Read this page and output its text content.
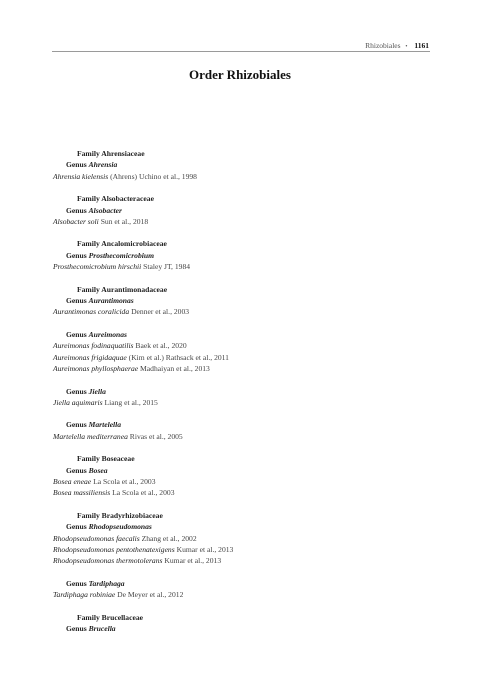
Rhizobiales • 1161
Order Rhizobiales
Family Ahrensiaceae
Genus Ahrensia
Ahrensia kielensis (Ahrens) Uchino et al., 1998
Family Alsobacteraceae
Genus Alsobacter
Alsobacter soli Sun et al., 2018
Family Ancalomicrobiaceae
Genus Prosthecomicrobium
Prosthecomicrobium hirschii Staley JT, 1984
Family Aurantimonadaceae
Genus Aurantimonas
Aurantimonas coralicida Denner et al., 2003
Genus Aureimonas
Aureimonas fodinaquatilis Baek et al., 2020
Aureimonas frigidaquae (Kim et al.) Rathsack et al., 2011
Aureimonas phyllosphaerae Madhaiyan et al., 2013
Genus Jiella
Jiella aquimaris Liang et al., 2015
Genus Martelella
Martelella mediterranea Rivas et al., 2005
Family Boseaceae
Genus Bosea
Bosea eneae La Scola et al., 2003
Bosea massiliensis La Scola et al., 2003
Family Bradyrhizobiaceae
Genus Rhodopseudomonas
Rhodopseudomonas faecalis Zhang et al., 2002
Rhodopseudomonas pentothenatexigens Kumar et al., 2013
Rhodopseudomonas thermotolerans Kumar et al., 2013
Genus Tardiphaga
Tardiphaga robiniae De Meyer et al., 2012
Family Brucellaceae
Genus Brucella
